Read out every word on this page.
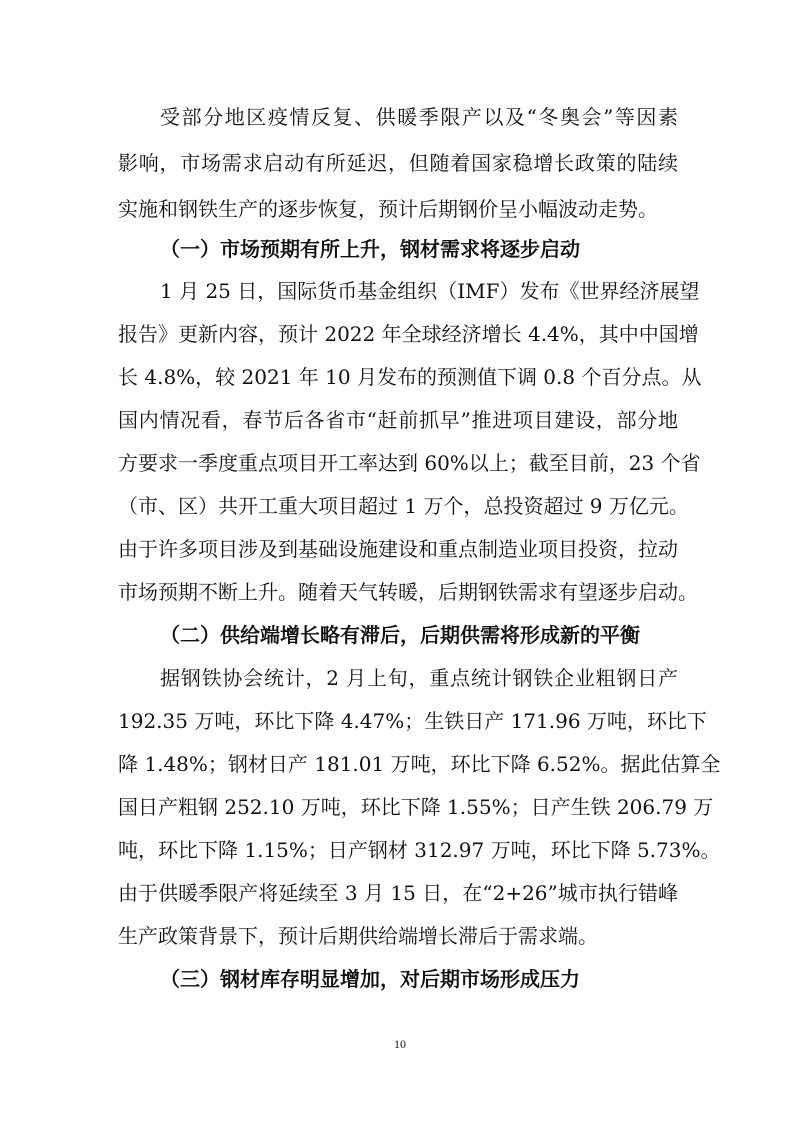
受部分地区疫情反复、供暖季限产以及“冬奥会”等因素
影响，市场需求启动有所延迟，但随着国家稳增长政策的陆续
实施和钢铁生产的逐步恢复，预计后期钢价呈小幅波动走势。
（一）市场预期有所上升，钢材需求将逐步启动
1 月 25 日，国际货币基金组织（IMF）发布《世界经济展望
报告》更新内容，预计 2022 年全球经济增长 4.4%，其中中国增
长 4.8%，较 2021 年 10 月发布的预测值下调 0.8 个百分点。从
国内情况看，春节后各省市“赶前抓早”推进项目建设，部分地
方要求一季度重点项目开工率达到 60%以上；截至目前，23 个省
（市、区）共开工重大项目超过 1 万个，总投资超过 9 万亿元。
由于许多项目涉及到基础设施建设和重点制造业项目投资，拉动
市场预期不断上升。随着天气转暖，后期钢铁需求有望逐步启动。
（二）供给端增长略有滞后，后期供需将形成新的平衡
据钢铁协会统计，2 月上旬，重点统计钢铁企业粗钢日产
192.35 万吨，环比下降 4.47%；生铁日产 171.96 万吨，环比下
降 1.48%；钢材日产 181.01 万吨，环比下降 6.52%。据此估算全
国日产粗钢 252.10 万吨，环比下降 1.55%；日产生铁 206.79 万
吨，环比下降 1.15%；日产钢材 312.97 万吨，环比下降 5.73%。
由于供暖季限产将延续至 3 月 15 日，在“2+26”城市执行错峰
生产政策背景下，预计后期供给端增长滞后于需求端。
（三）钢材库存明显增加，对后期市场形成压力
10
